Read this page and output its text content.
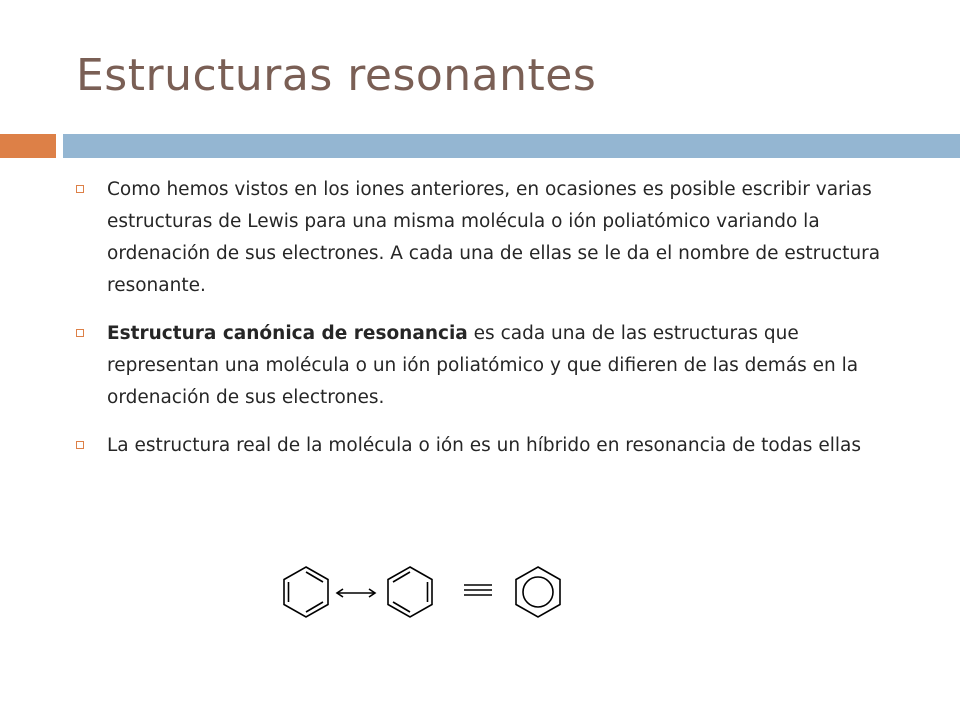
Estructuras resonantes
Como hemos vistos en los iones anteriores, en ocasiones es posible escribir varias estructuras de Lewis para una misma molécula o ión poliatómico variando la ordenación de sus electrones. A cada una de ellas se le da el nombre de estructura resonante.
Estructura canónica de resonancia es cada una de las estructuras que representan una molécula o un ión poliatómico y que difieren de las demás en la ordenación de sus electrones.
La estructura real de la molécula o ión es un híbrido en resonancia de todas ellas
